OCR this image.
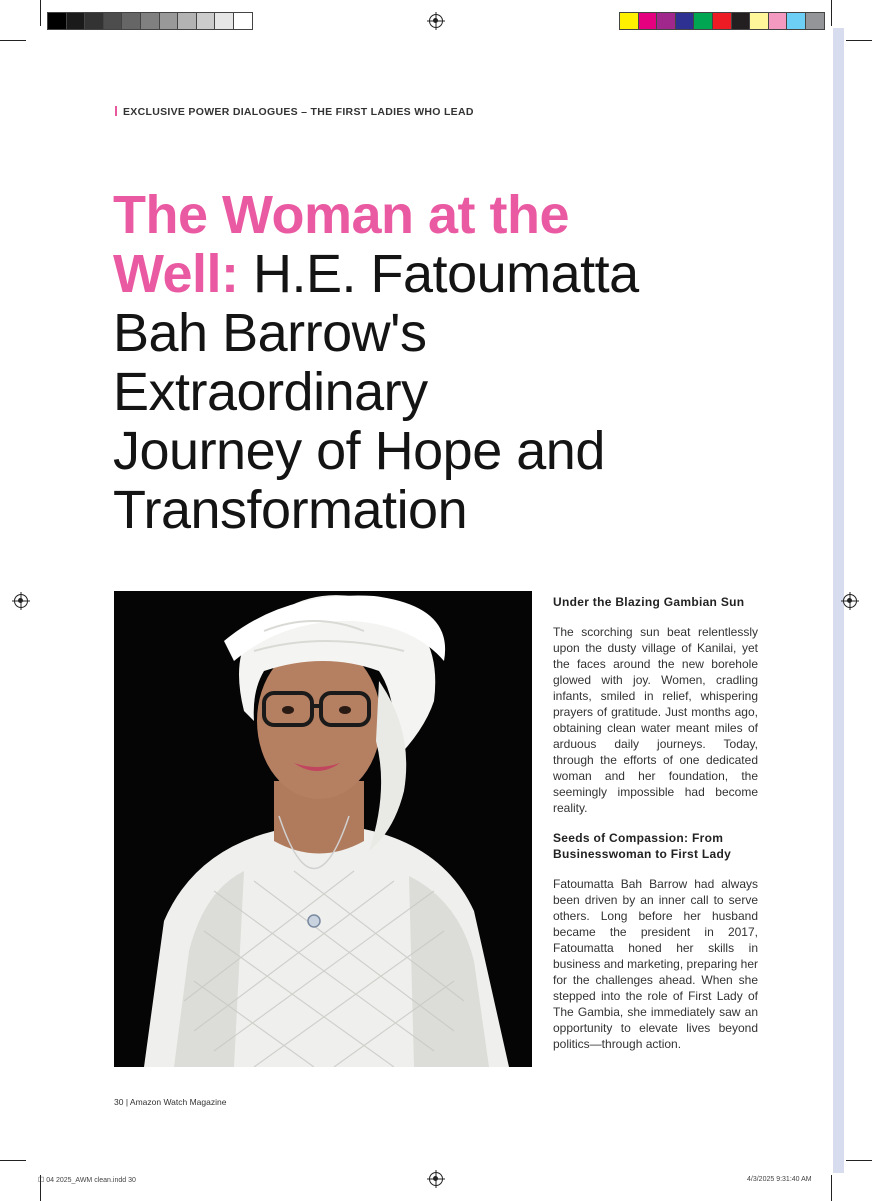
EXCLUSIVE POWER DIALOGUES – THE FIRST LADIES WHO LEAD
The Woman at the
Well: H.E. Fatoumatta
Bah Barrow's
Extraordinary
Journey of Hope and
Transformation
Under the Blazing Gambian Sun

The scorching sun beat relentlessly upon the dusty village of Kanilai, yet the faces around the new borehole glowed with joy. Women, cradling infants, smiled in relief, whispering prayers of gratitude. Just months ago, obtaining clean water meant miles of arduous daily journeys. Today, through the efforts of one dedicated woman and her foundation, the seemingly impossible had become reality.

Seeds of Compassion: From Businesswoman to First Lady

Fatoumatta Bah Barrow had always been driven by an inner call to serve others. Long before her husband became the president in 2017, Fatoumatta honed her skills in business and marketing, preparing her for the challenges ahead. When she stepped into the role of First Lady of The Gambia, she immediately saw an opportunity to elevate lives beyond politics—through action.

30 | Amazon Watch Magazine
☐ 04 2025_AWM clean.indd 30	4/3/2025 9:31:40 AM
